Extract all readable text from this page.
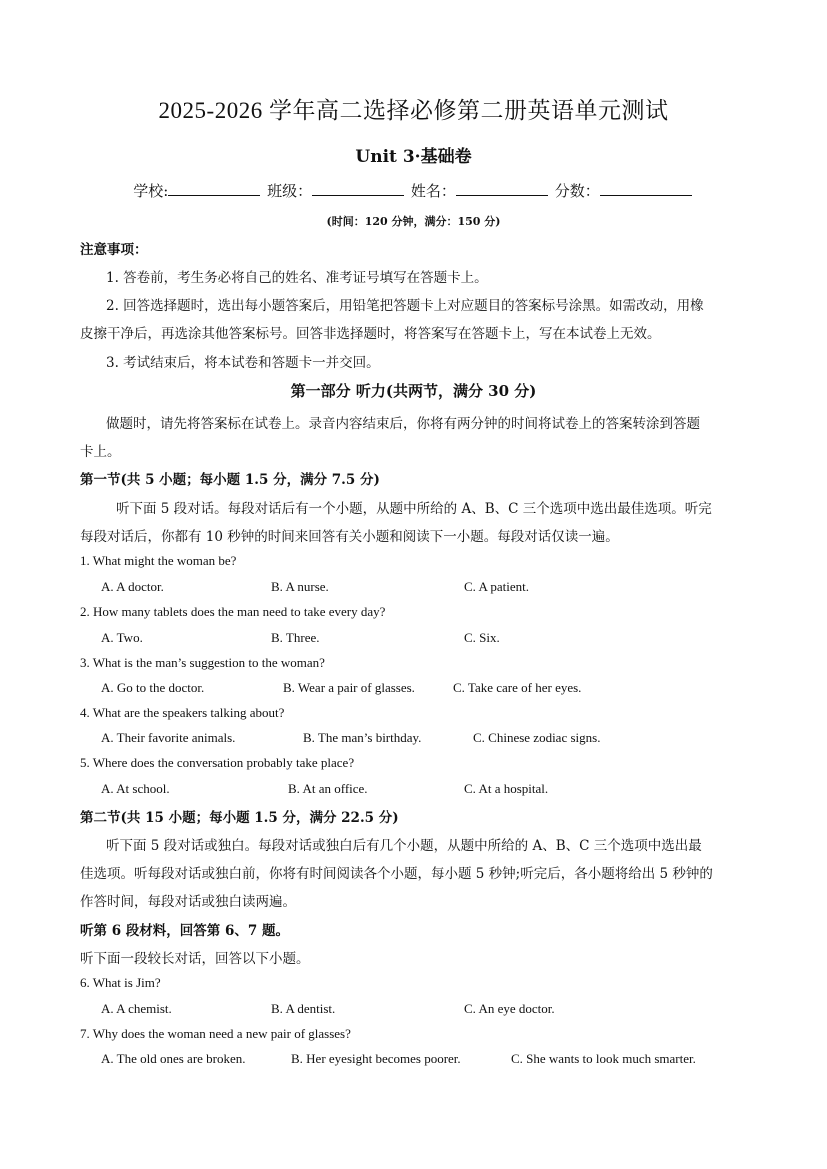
2025-2026 学年高二选择必修第二册英语单元测试
Unit 3·基础卷
学校:	班级：	姓名：	分数：
(时间：120 分钟，满分：150 分)
注意事项：
1. 答卷前，考生务必将自己的姓名、准考证号填写在答题卡上。
2. 回答选择题时，选出每小题答案后，用铅笔把答题卡上对应题目的答案标号涂黑。如需改动，用橡
皮擦干净后，再选涂其他答案标号。回答非选择题时，将答案写在答题卡上，写在本试卷上无效。
3. 考试结束后，将本试卷和答题卡一并交回。
第一部分 听力(共两节，满分 30 分)
做题时，请先将答案标在试卷上。录音内容结束后，你将有两分钟的时间将试卷上的答案转涂到答题
卡上。
第一节(共 5 小题；每小题 1.5 分，满分 7.5 分)
听下面 5 段对话。每段对话后有一个小题，从题中所给的 A、B、C 三个选项中选出最佳选项。听完
每段对话后，你都有 10 秒钟的时间来回答有关小题和阅读下一小题。每段对话仅读一遍。
1. What might the woman be?
A. A doctor.	B. A nurse.	C. A patient.
2. How many tablets does the man need to take every day?
A. Two.	B. Three.	C. Six.
3. What is the man’s suggestion to the woman?
A. Go to the doctor.	B. Wear a pair of glasses.	C. Take care of her eyes.
4. What are the speakers talking about?
A. Their favorite animals.	B. The man’s birthday.	C. Chinese zodiac signs.
5. Where does the conversation probably take place?
A. At school.	B. At an office.	C. At a hospital.
第二节(共 15 小题；每小题 1.5 分，满分 22.5 分)
听下面 5 段对话或独白。每段对话或独白后有几个小题，从题中所给的 A、B、C 三个选项中选出最
佳选项。听每段对话或独白前，你将有时间阅读各个小题，每小题 5 秒钟;听完后，各小题将给出 5 秒钟的
作答时间，每段对话或独白读两遍。
听第 6 段材料，回答第 6、7 题。
听下面一段较长对话，回答以下小题。
6. What is Jim?
A. A chemist.	B. A dentist.	C. An eye doctor.
7. Why does the woman need a new pair of glasses?
A. The old ones are broken.	B. Her eyesight becomes poorer.	C. She wants to look much smarter.
